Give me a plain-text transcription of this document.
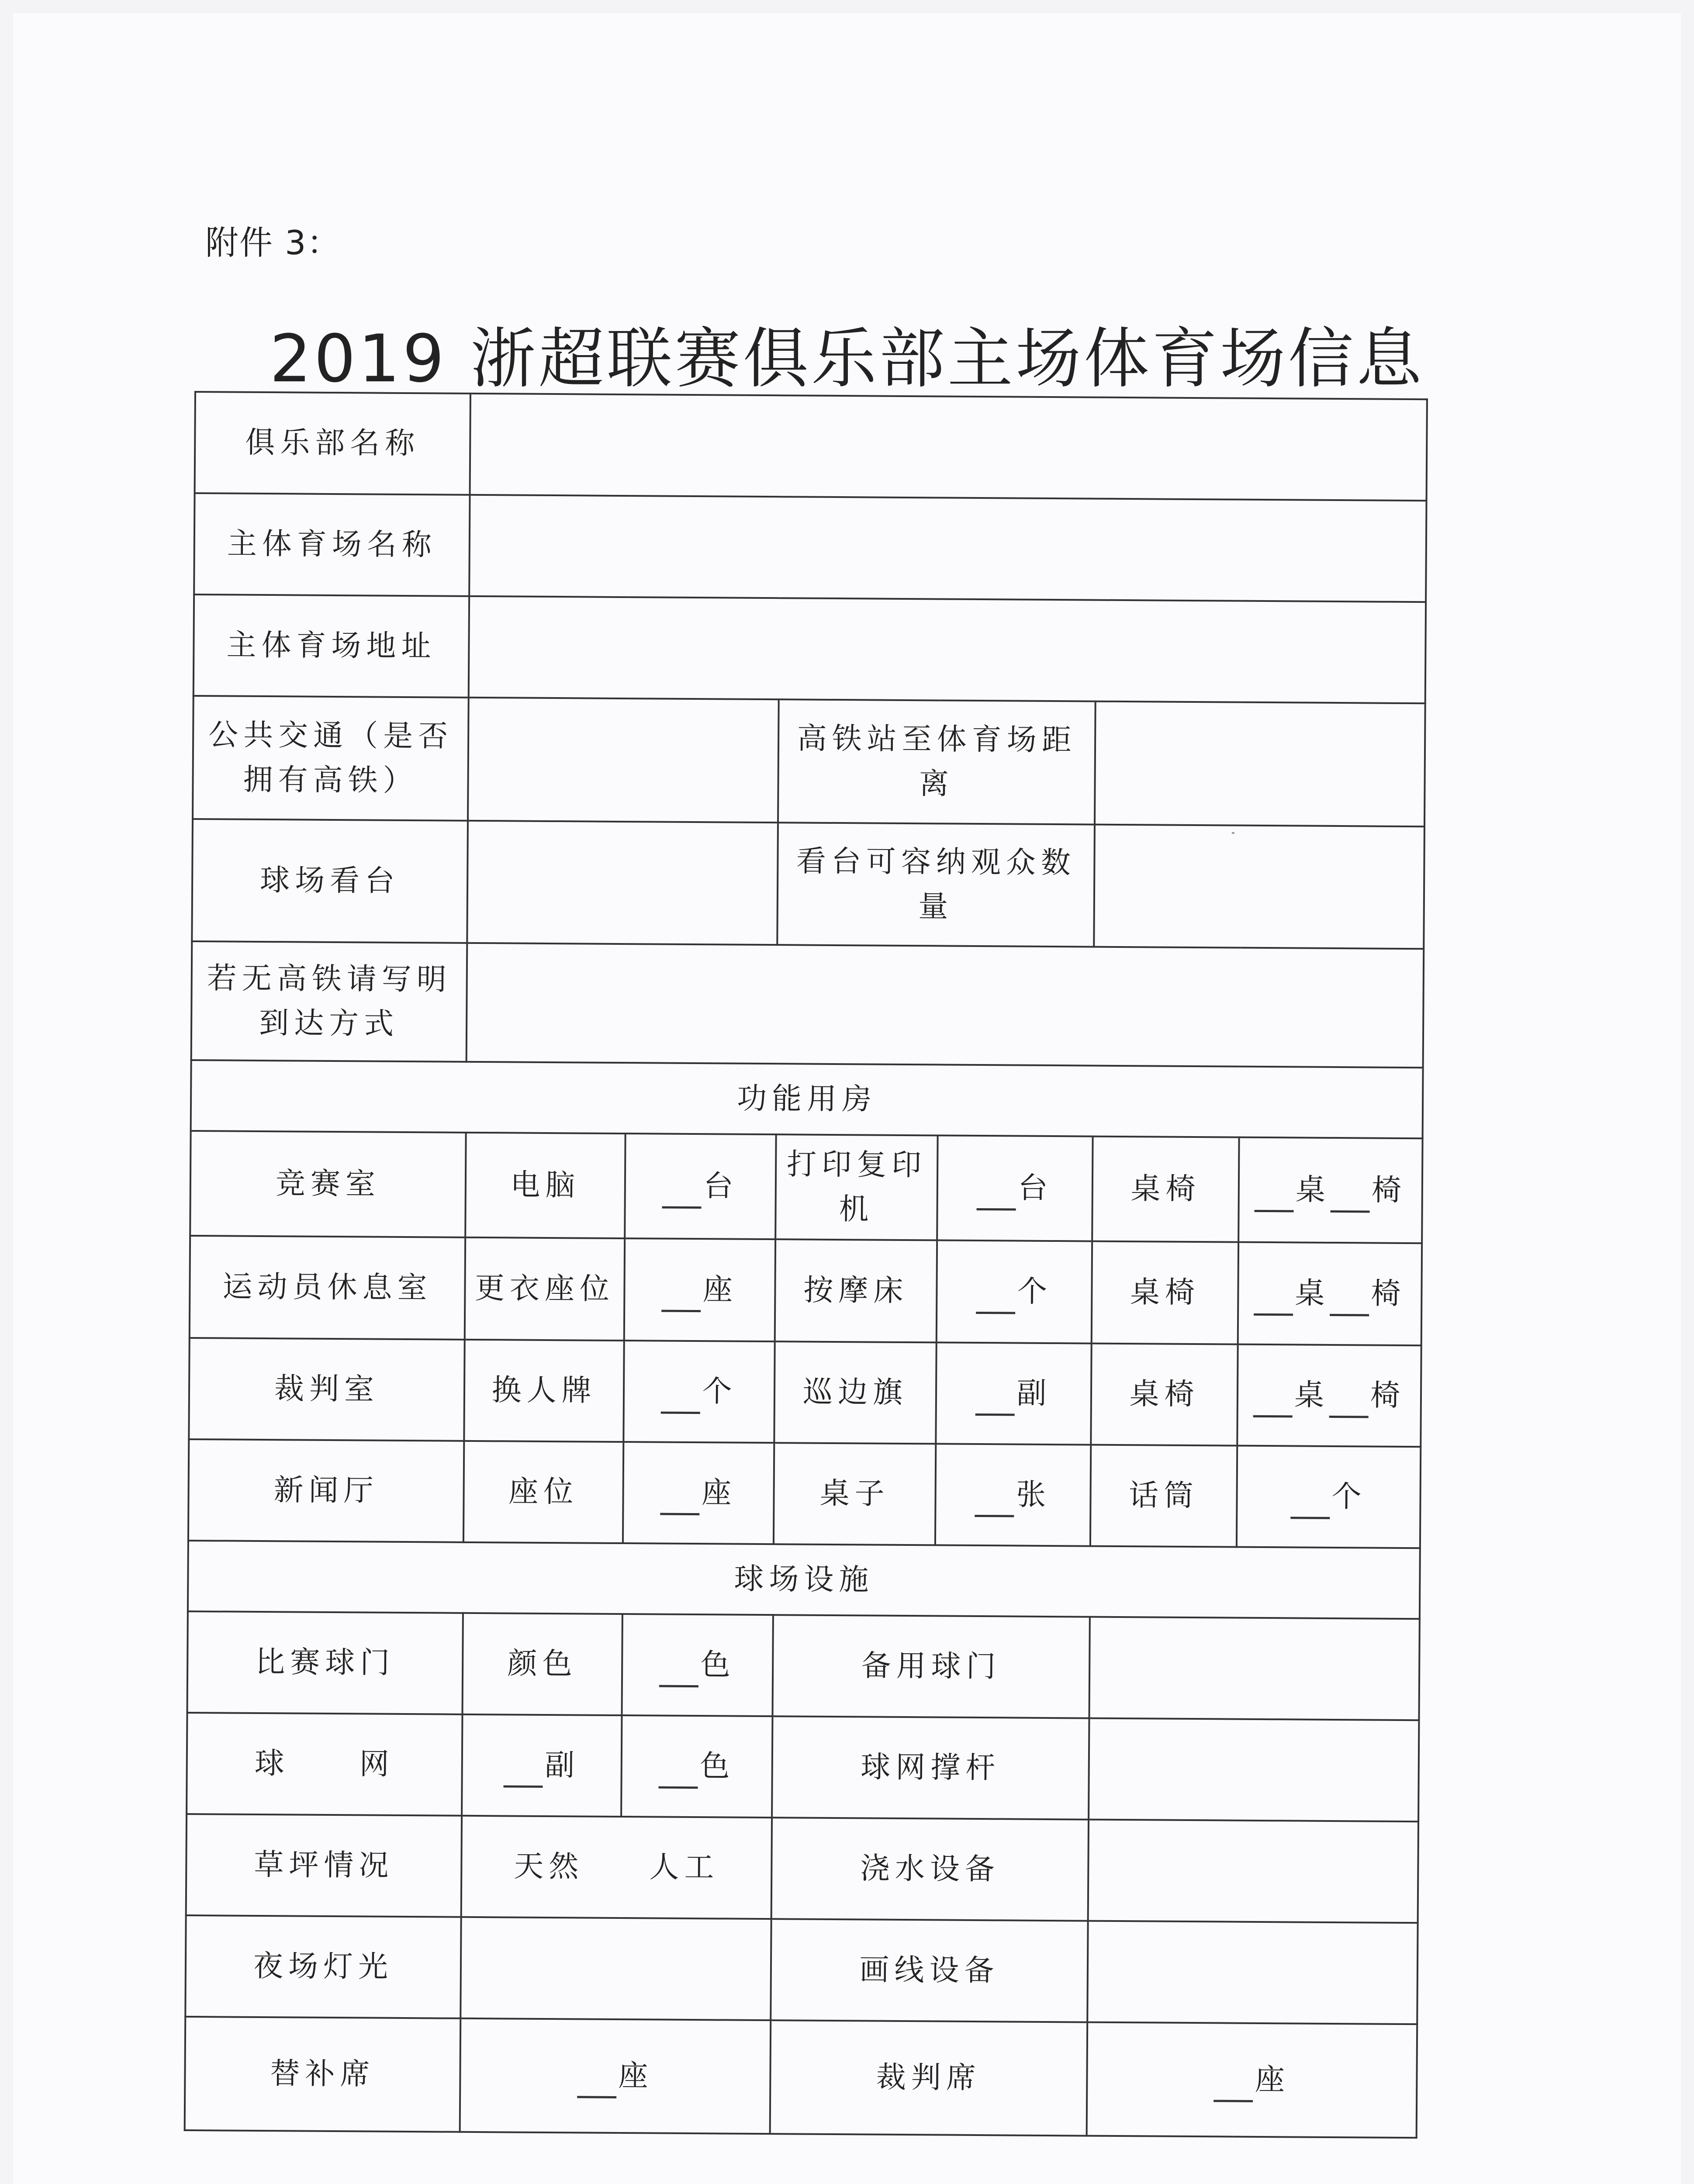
附件 3：
2019 浙超联赛俱乐部主场体育场信息
俱乐部名称						
主体育场名称						
主体育场地址						
公共交通（是否拥有高铁）			高铁站至体育场距离			
球场看台			看台可容纳观众数量			
若无高铁请写明到达方式						
功能用房						
竞赛室	电脑	台	打印复印机	台	桌椅	桌 椅
运动员休息室	更衣座位	座	按摩床	个	桌椅	桌 椅
裁判室	换人牌	个	巡边旗	副	桌椅	桌 椅
新闻厅	座位	座	桌子	张	话筒	个
球场设施						
比赛球门	颜色	色	备用球门			
球　　网	副	色	球网撑杆			
草坪情况	天然 人工		浇水设备			
夜场灯光			画线设备			
替补席	座		裁判席		座	
